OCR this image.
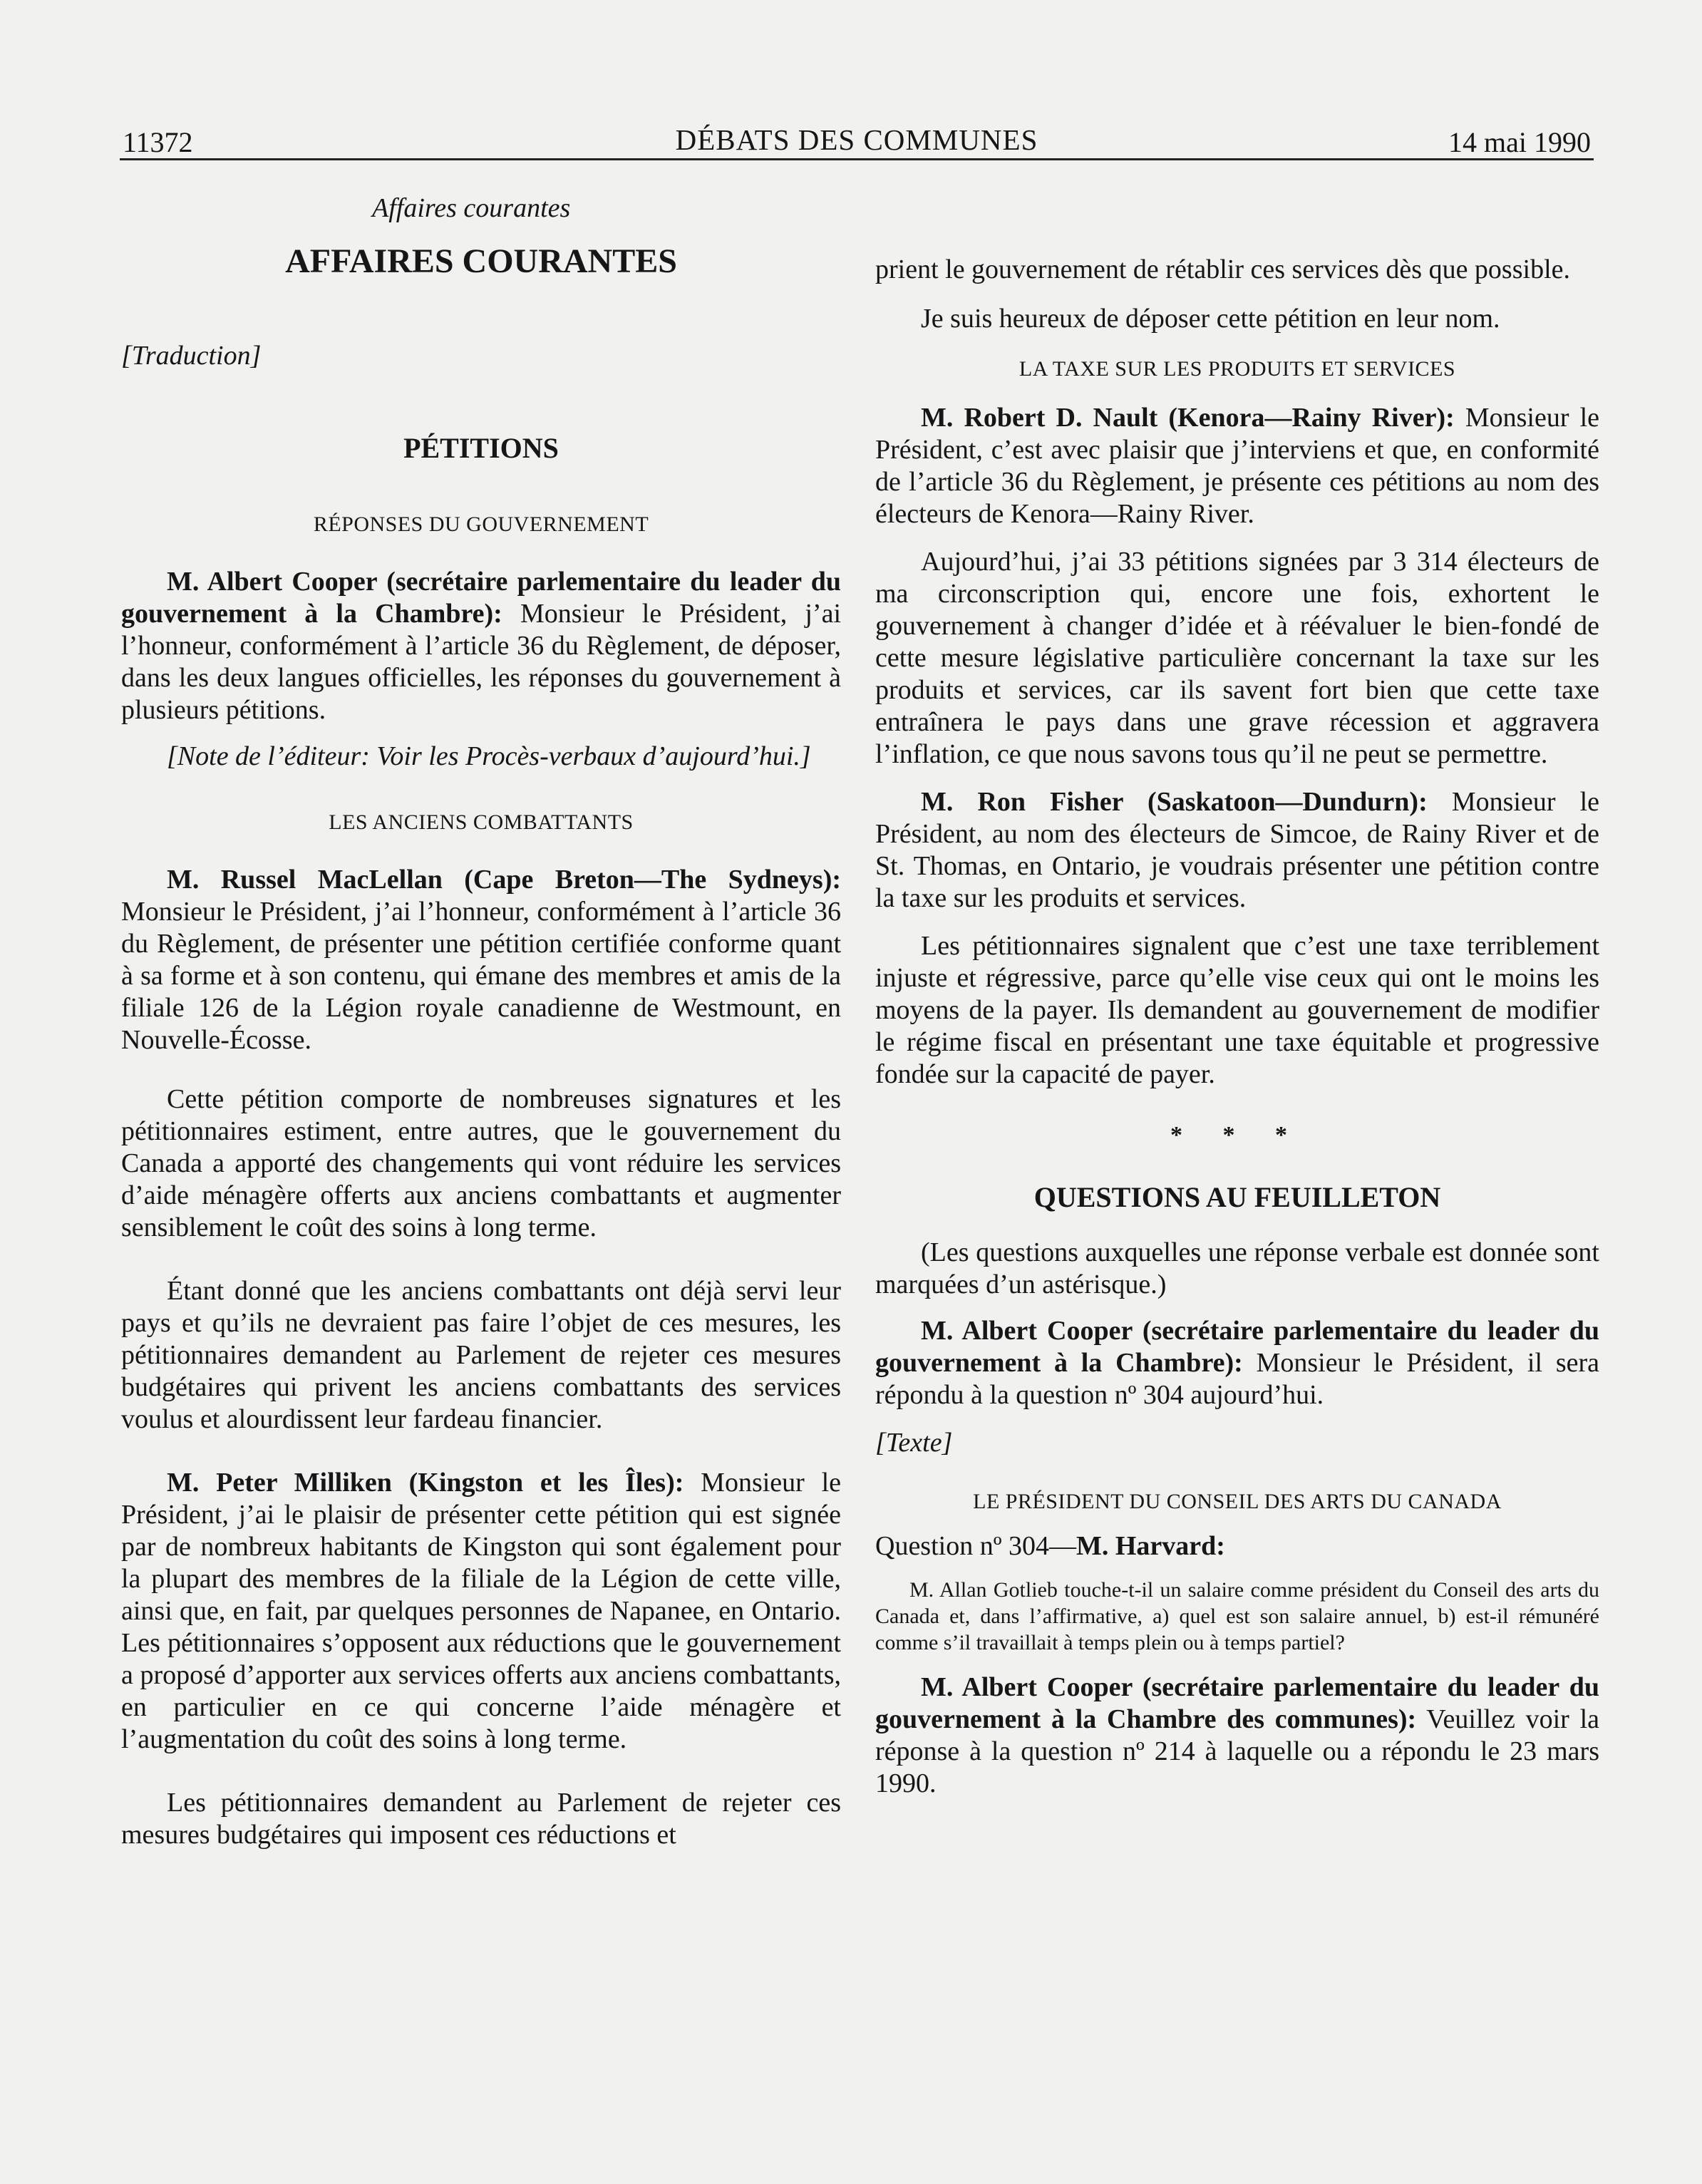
11372	DÉBATS DES COMMUNES	14 mai 1990

Affaires courantes

AFFAIRES COURANTES

[Traduction]

PÉTITIONS

RÉPONSES DU GOUVERNEMENT

M. Albert Cooper (secrétaire parlementaire du leader du gouvernement à la Chambre): Monsieur le Président, j’ai l’honneur, conformément à l’article 36 du Règlement, de déposer, dans les deux langues officielles, les réponses du gouvernement à plusieurs pétitions.

[Note de l’éditeur: Voir les Procès-verbaux d’aujourd’hui.]

LES ANCIENS COMBATTANTS

M. Russel MacLellan (Cape Breton—The Sydneys): Monsieur le Président, j’ai l’honneur, conformément à l’article 36 du Règlement, de présenter une pétition certifiée conforme quant à sa forme et à son contenu, qui émane des membres et amis de la filiale 126 de la Légion royale canadienne de Westmount, en Nouvelle-Écosse.

Cette pétition comporte de nombreuses signatures et les pétitionnaires estiment, entre autres, que le gouvernement du Canada a apporté des changements qui vont réduire les services d’aide ménagère offerts aux anciens combattants et augmenter sensiblement le coût des soins à long terme.

Étant donné que les anciens combattants ont déjà servi leur pays et qu’ils ne devraient pas faire l’objet de ces mesures, les pétitionnaires demandent au Parlement de rejeter ces mesures budgétaires qui privent les anciens combattants des services voulus et alourdissent leur fardeau financier.

M. Peter Milliken (Kingston et les Îles): Monsieur le Président, j’ai le plaisir de présenter cette pétition qui est signée par de nombreux habitants de Kingston qui sont également pour la plupart des membres de la filiale de la Légion de cette ville, ainsi que, en fait, par quelques personnes de Napanee, en Ontario. Les pétitionnaires s’opposent aux réductions que le gouvernement a proposé d’apporter aux services offerts aux anciens combattants, en particulier en ce qui concerne l’aide ménagère et l’augmentation du coût des soins à long terme.

Les pétitionnaires demandent au Parlement de rejeter ces mesures budgétaires qui imposent ces réductions et

prient le gouvernement de rétablir ces services dès que possible.

Je suis heureux de déposer cette pétition en leur nom.

LA TAXE SUR LES PRODUITS ET SERVICES

M. Robert D. Nault (Kenora—Rainy River): Monsieur le Président, c’est avec plaisir que j’interviens et que, en conformité de l’article 36 du Règlement, je présente ces pétitions au nom des électeurs de Kenora—Rainy River.

Aujourd’hui, j’ai 33 pétitions signées par 3 314 électeurs de ma circonscription qui, encore une fois, exhortent le gouvernement à changer d’idée et à réévaluer le bien-fondé de cette mesure législative particulière concernant la taxe sur les produits et services, car ils savent fort bien que cette taxe entraînera le pays dans une grave récession et aggravera l’inflation, ce que nous savons tous qu’il ne peut se permettre.

M. Ron Fisher (Saskatoon—Dundurn): Monsieur le Président, au nom des électeurs de Simcoe, de Rainy River et de St. Thomas, en Ontario, je voudrais présenter une pétition contre la taxe sur les produits et services.

Les pétitionnaires signalent que c’est une taxe terriblement injuste et régressive, parce qu’elle vise ceux qui ont le moins les moyens de la payer. Ils demandent au gouvernement de modifier le régime fiscal en présentant une taxe équitable et progressive fondée sur la capacité de payer.

* * *

QUESTIONS AU FEUILLETON

(Les questions auxquelles une réponse verbale est donnée sont marquées d’un astérisque.)

M. Albert Cooper (secrétaire parlementaire du leader du gouvernement à la Chambre): Monsieur le Président, il sera répondu à la question nº 304 aujourd’hui.

[Texte]

LE PRÉSIDENT DU CONSEIL DES ARTS DU CANADA

Question nº 304—M. Harvard:

M. Allan Gotlieb touche-t-il un salaire comme président du Conseil des arts du Canada et, dans l’affirmative, a) quel est son salaire annuel, b) est-il rémunéré comme s’il travaillait à temps plein ou à temps partiel?

M. Albert Cooper (secrétaire parlementaire du leader du gouvernement à la Chambre des communes): Veuillez voir la réponse à la question nº 214 à laquelle ou a répondu le 23 mars 1990.
